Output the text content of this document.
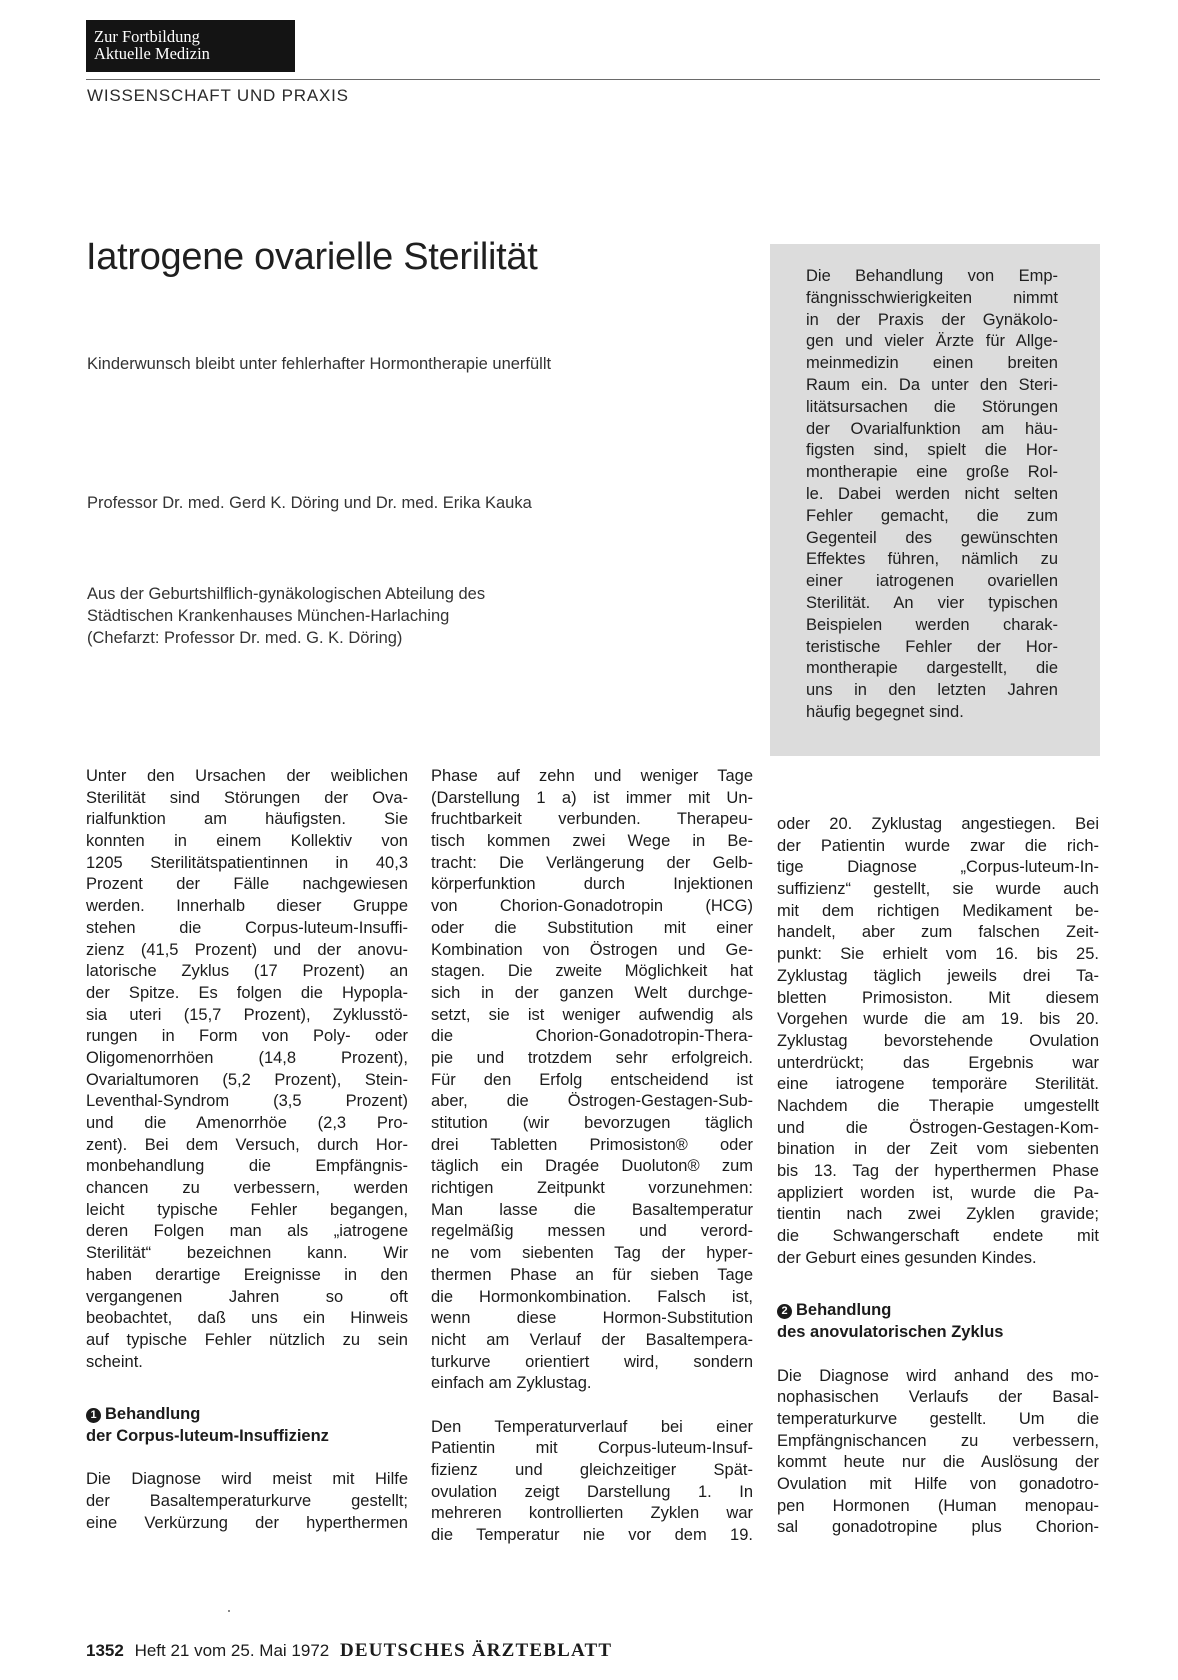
Zur Fortbildung
Aktuelle Medizin
WISSENSCHAFT UND PRAXIS
Iatrogene ovarielle Sterilität
Kinderwunsch bleibt unter fehlerhafter Hormontherapie unerfüllt
Professor Dr. med. Gerd K. Döring und Dr. med. Erika Kauka
Aus der Geburtshilflich-gynäkologischen Abteilung des
Städtischen Krankenhauses München-Harlaching
(Chefarzt: Professor Dr. med. G. K. Döring)
Die Behandlung von Emp-
fängnisschwierigkeiten nimmt
in der Praxis der Gynäkolo-
gen und vieler Ärzte für Allge-
meinmedizin einen breiten
Raum ein. Da unter den Steri-
litätsursachen die Störungen
der Ovarialfunktion am häu-
figsten sind, spielt die Hor-
montherapie eine große Rol-
le. Dabei werden nicht selten
Fehler gemacht, die zum
Gegenteil des gewünschten
Effektes führen, nämlich zu
einer iatrogenen ovariellen
Sterilität. An vier typischen
Beispielen werden charak-
teristische Fehler der Hor-
montherapie dargestellt, die
uns in den letzten Jahren
häufig begegnet sind.
Unter den Ursachen der weiblichen
Sterilität sind Störungen der Ova-
rialfunktion am häufigsten. Sie
konnten in einem Kollektiv von
1205 Sterilitätspatientinnen in 40,3
Prozent der Fälle nachgewiesen
werden. Innerhalb dieser Gruppe
stehen die Corpus-luteum-Insuffi-
zienz (41,5 Prozent) und der anovu-
latorische Zyklus (17 Prozent) an
der Spitze. Es folgen die Hypopla-
sia uteri (15,7 Prozent), Zyklusstö-
rungen in Form von Poly- oder
Oligomenorrhöen (14,8 Prozent),
Ovarialtumoren (5,2 Prozent), Stein-
Leventhal-Syndrom (3,5 Prozent)
und die Amenorrhöe (2,3 Pro-
zent). Bei dem Versuch, durch Hor-
monbehandlung die Empfängnis-
chancen zu verbessern, werden
leicht typische Fehler begangen,
deren Folgen man als „iatrogene
Sterilität“ bezeichnen kann. Wir
haben derartige Ereignisse in den
vergangenen Jahren so oft
beobachtet, daß uns ein Hinweis
auf typische Fehler nützlich zu sein
scheint.
1 Behandlung
der Corpus-luteum-Insuffizienz
Die Diagnose wird meist mit Hilfe
der Basaltemperaturkurve gestellt;
eine Verkürzung der hyperthermen
Phase auf zehn und weniger Tage
(Darstellung 1 a) ist immer mit Un-
fruchtbarkeit verbunden. Therapeu-
tisch kommen zwei Wege in Be-
tracht: Die Verlängerung der Gelb-
körperfunktion durch Injektionen
von Chorion-Gonadotropin (HCG)
oder die Substitution mit einer
Kombination von Östrogen und Ge-
stagen. Die zweite Möglichkeit hat
sich in der ganzen Welt durchge-
setzt, sie ist weniger aufwendig als
die Chorion-Gonadotropin-Thera-
pie und trotzdem sehr erfolgreich.
Für den Erfolg entscheidend ist
aber, die Östrogen-Gestagen-Sub-
stitution (wir bevorzugen täglich
drei Tabletten Primosiston® oder
täglich ein Dragée Duoluton® zum
richtigen Zeitpunkt vorzunehmen:
Man lasse die Basaltemperatur
regelmäßig messen und verord-
ne vom siebenten Tag der hyper-
thermen Phase an für sieben Tage
die Hormonkombination. Falsch ist,
wenn diese Hormon-Substitution
nicht am Verlauf der Basaltempera-
turkurve orientiert wird, sondern
einfach am Zyklustag.
Den Temperaturverlauf bei einer
Patientin mit Corpus-luteum-Insuf-
fizienz und gleichzeitiger Spät-
ovulation zeigt Darstellung 1. In
mehreren kontrollierten Zyklen war
die Temperatur nie vor dem 19.
oder 20. Zyklustag angestiegen. Bei
der Patientin wurde zwar die rich-
tige Diagnose „Corpus-luteum-In-
suffizienz“ gestellt, sie wurde auch
mit dem richtigen Medikament be-
handelt, aber zum falschen Zeit-
punkt: Sie erhielt vom 16. bis 25.
Zyklustag täglich jeweils drei Ta-
bletten Primosiston. Mit diesem
Vorgehen wurde die am 19. bis 20.
Zyklustag bevorstehende Ovulation
unterdrückt; das Ergebnis war
eine iatrogene temporäre Sterilität.
Nachdem die Therapie umgestellt
und die Östrogen-Gestagen-Kom-
bination in der Zeit vom siebenten
bis 13. Tag der hyperthermen Phase
appliziert worden ist, wurde die Pa-
tientin nach zwei Zyklen gravide;
die Schwangerschaft endete mit
der Geburt eines gesunden Kindes.
2 Behandlung
des anovulatorischen Zyklus
Die Diagnose wird anhand des mo-
nophasischen Verlaufs der Basal-
temperaturkurve gestellt. Um die
Empfängnischancen zu verbessern,
kommt heute nur die Auslösung der
Ovulation mit Hilfe von gonadotro-
pen Hormonen (Human menopau-
sal gonadotropine plus Chorion-
1352 Heft 21 vom 25. Mai 1972 DEUTSCHES ÄRZTEBLATT
